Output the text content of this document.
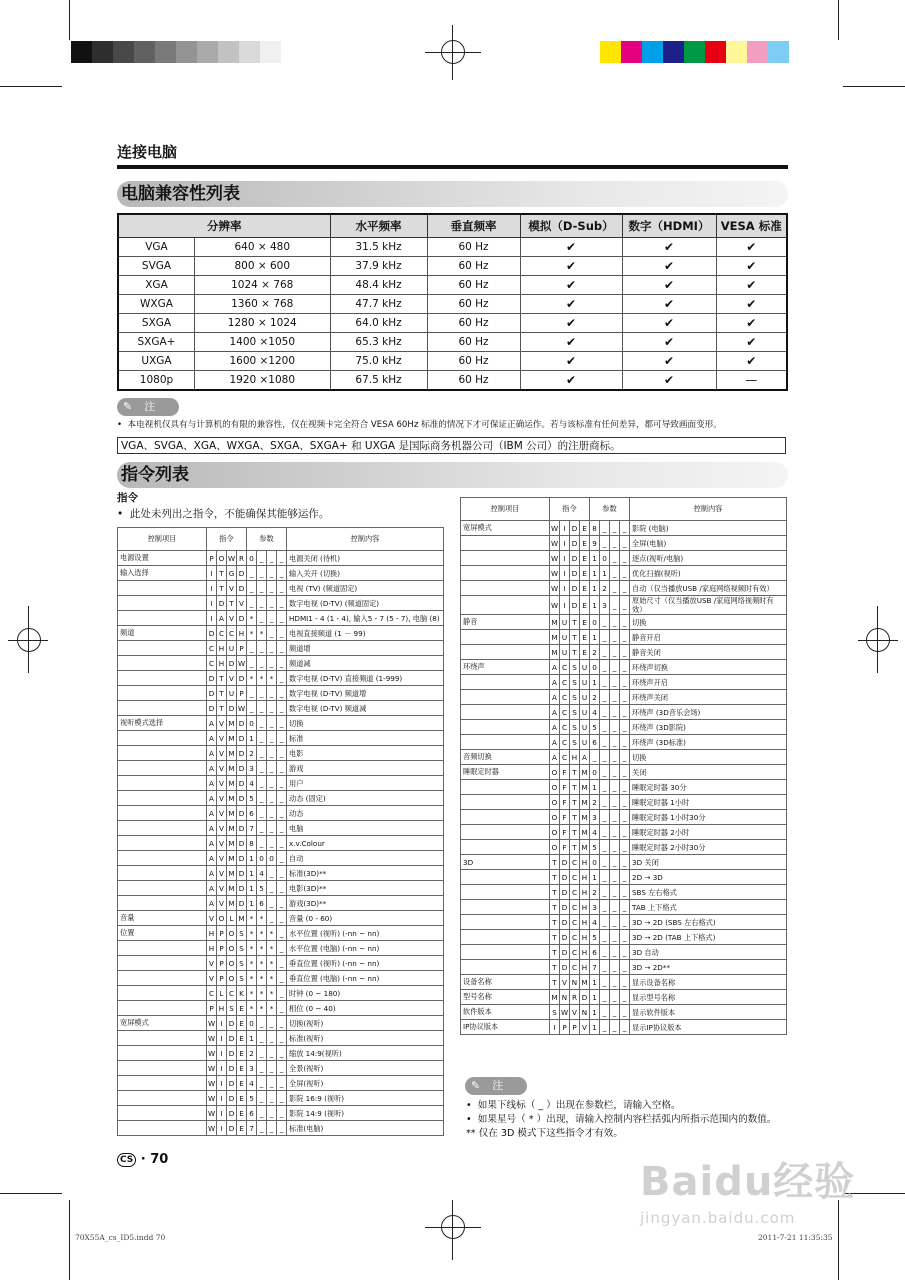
连接电脑
电脑兼容性列表
分辨率		水平频率	垂直频率	模拟（D-Sub）	数字（HDMI）	VESA 标准
VGA	640 × 480	31.5 kHz	60 Hz	✔	✔	✔
SVGA	800 × 600	37.9 kHz	60 Hz	✔	✔	✔
XGA	1024 × 768	48.4 kHz	60 Hz	✔	✔	✔
WXGA	1360 × 768	47.7 kHz	60 Hz	✔	✔	✔
SXGA	1280 × 1024	64.0 kHz	60 Hz	✔	✔	✔
SXGA+	1400 ×1050	65.3 kHz	60 Hz	✔	✔	✔
UXGA	1600 ×1200	75.0 kHz	60 Hz	✔	✔	✔
1080p	1920 ×1080	67.5 kHz	60 Hz	✔	✔	—
✎ 注
•  本电视机仅具有与计算机的有限的兼容性，仅在视频卡完全符合 VESA 60Hz 标准的情况下才可保证正确运作。若与该标准有任何差异，都可导致画面变形。
VGA、SVGA、XGA、WXGA、SXGA、SXGA+ 和 UXGA 是国际商务机器公司（IBM 公司）的注册商标。
指令列表
指令
•  此处未列出之指令，不能确保其能够运作。
控制项目	指令				参数				控制内容
电源设置	P	O	W	R	0	_	_	_	电源关闭 (待机)
输入选择	I	T	G	D	_	_	_	_	输入关开 (切换)
	I	T	V	D	_	_	_	_	电视 (TV) (频道固定)
	I	D	T	V	_	_	_	_	数字电视 (D-TV) (频道固定)
	I	A	V	D	*	_	_	_	HDMI1 - 4 (1 - 4), 输入5 - 7 (5 - 7), 电脑 (8)
频道	D	C	C	H	*	*	_	_	电视直接频道 (1 － 99)
	C	H	U	P	_	_	_	_	频道增
	C	H	D	W	_	_	_	_	频道减
	D	T	V	D	*	*	*	_	数字电视 (D-TV) 直接频道 (1-999)
	D	T	U	P	_	_	_	_	数字电视 (D-TV) 频道增
	D	T	D	W	_	_	_	_	数字电视 (D-TV) 频道减
视听模式选择	A	V	M	D	0	_	_	_	切换
	A	V	M	D	1	_	_	_	标准
	A	V	M	D	2	_	_	_	电影
	A	V	M	D	3	_	_	_	游戏
	A	V	M	D	4	_	_	_	用户
	A	V	M	D	5	_	_	_	动态 (固定)
	A	V	M	D	6	_	_	_	动态
	A	V	M	D	7	_	_	_	电脑
	A	V	M	D	8	_	_	_	x.v.Colour
	A	V	M	D	1	0	0	_	自动
	A	V	M	D	1	4	_	_	标准(3D)**
	A	V	M	D	1	5	_	_	电影(3D)**
	A	V	M	D	1	6	_	_	游戏(3D)**
音量	V	O	L	M	*	*	_	_	音量 (0 - 60)
位置	H	P	O	S	*	*	*	_	水平位置 (视听) (-nn ~ nn)
	H	P	O	S	*	*	*	_	水平位置 (电脑) (-nn ~ nn)
	V	P	O	S	*	*	*	_	垂直位置 (视听) (-nn ~ nn)
	V	P	O	S	*	*	*	_	垂直位置 (电脑) (-nn ~ nn)
	C	L	C	K	*	*	*	_	时钟 (0 ~ 180)
	P	H	S	E	*	*	*	_	相位 (0 ~ 40)
宽屏模式	W	I	D	E	0	_	_	_	切换(视听)
	W	I	D	E	1	_	_	_	标准(视听)
	W	I	D	E	2	_	_	_	缩放 14:9(视听)
	W	I	D	E	3	_	_	_	全景(视听)
	W	I	D	E	4	_	_	_	全屏(视听)
	W	I	D	E	5	_	_	_	影院 16:9 (视听)
	W	I	D	E	6	_	_	_	影院 14:9 (视听)
	W	I	D	E	7	_	_	_	标准(电脑)
控制项目	指令				参数				控制内容
宽屏模式	W	I	D	E	8	_	_	_	影院 (电脑)
	W	I	D	E	9	_	_	_	全屏(电脑)
	W	I	D	E	1	0	_	_	逐点(视听/电脑)
	W	I	D	E	1	1	_	_	优化扫描(视听)
	W	I	D	E	1	2	_	_	自动（仅当播放USB /家庭网络视频时有效）
	W	I	D	E	1	3	_	_	原始尺寸（仅当播放USB /家庭网络视频时有效）
静音	M	U	T	E	0	_	_	_	切换
	M	U	T	E	1	_	_	_	静音开启
	M	U	T	E	2	_	_	_	静音关闭
环绕声	A	C	S	U	0	_	_	_	环绕声切换
	A	C	S	U	1	_	_	_	环绕声开启
	A	C	S	U	2	_	_	_	环绕声关闭
	A	C	S	U	4	_	_	_	环绕声 (3D音乐会场)
	A	C	S	U	5	_	_	_	环绕声 (3D影院)
	A	C	S	U	6	_	_	_	环绕声 (3D标准)
音频切换	A	C	H	A	_	_	_	_	切换
睡眠定时器	O	F	T	M	0	_	_	_	关闭
	O	F	T	M	1	_	_	_	睡眠定时器 30分
	O	F	T	M	2	_	_	_	睡眠定时器 1小时
	O	F	T	M	3	_	_	_	睡眠定时器 1小时30分
	O	F	T	M	4	_	_	_	睡眠定时器 2小时
	O	F	T	M	5	_	_	_	睡眠定时器 2小时30分
3D	T	D	C	H	0	_	_	_	3D 关闭
	T	D	C	H	1	_	_	_	2D → 3D
	T	D	C	H	2	_	_	_	SBS 左右格式
	T	D	C	H	3	_	_	_	TAB 上下格式
	T	D	C	H	4	_	_	_	3D → 2D (SBS 左右格式)
	T	D	C	H	5	_	_	_	3D → 2D (TAB 上下格式)
	T	D	C	H	6	_	_	_	3D 自动
	T	D	C	H	7	_	_	_	3D → 2D**
设备名称	T	V	N	M	1	_	_	_	显示设备名称
型号名称	M	N	R	D	1	_	_	_	显示型号名称
软件版本	S	W	V	N	1	_	_	_	显示软件版本
IP协议版本	I	P	P	V	1	_	_	_	显示IP协议版本
✎ 注
•  如果下线标（ _ ）出现在参数栏，请输入空格。
•  如果星号（ * ）出现，请输入控制内容栏括弧内所指示范围内的数值。
** 仅在 3D 模式下这些指令才有效。
CS · 70
70X55A_cs_ID5.indd 70	2011-7-21 11:35:35
Baidu经验
jingyan.baidu.com
